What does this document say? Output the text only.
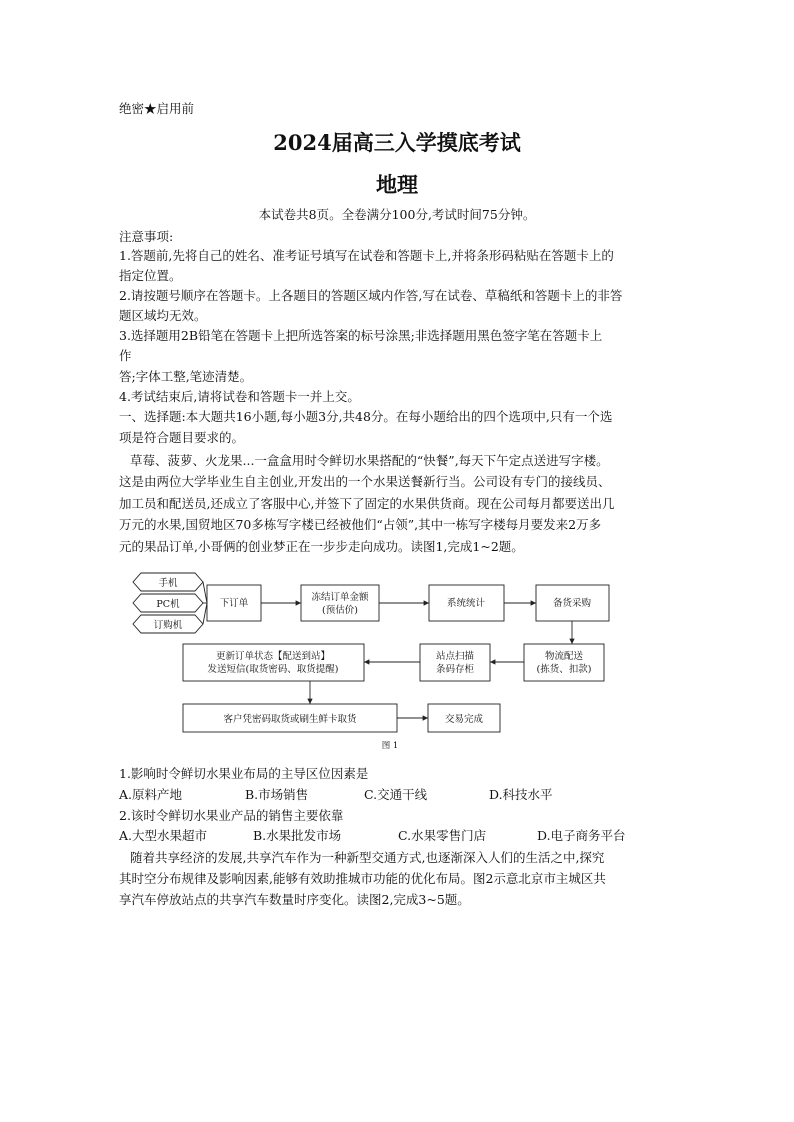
绝密★启用前
2024届高三入学摸底考试
地理
本试卷共8页。全卷满分100分,考试时间75分钟。
注意事项:
1.答题前,先将自己的姓名、准考证号填写在试卷和答题卡上,并将条形码粘贴在答题卡上的
指定位置。
2.请按题号顺序在答题卡。上各题目的答题区域内作答,写在试卷、草稿纸和答题卡上的非答
题区域均无效。
3.选择题用2B铅笔在答题卡上把所选答案的标号涂黑;非选择题用黑色签字笔在答题卡上
作
答;字体工整,笔迹清楚。
4.考试结束后,请将试卷和答题卡一并上交。
一、选择题:本大题共16小题,每小题3分,共48分。在每小题给出的四个选项中,只有一个选
项是符合题目要求的。
草莓、菠萝、火龙果...一盒盒用时令鲜切水果搭配的“快餐”,每天下午定点送进写字楼。
这是由两位大学毕业生自主创业,开发出的一个水果送餐新行当。公司设有专门的接线员、
加工员和配送员,还成立了客服中心,并签下了固定的水果供货商。现在公司每月都要送出几
万元的水果,国贸地区70多栋写字楼已经被他们“占领”,其中一栋写字楼每月要发来2万多
元的果品订单,小哥俩的创业梦正在一步步走向成功。读图1,完成1~2题。
手机
PC机
订购机
下订单
冻结订单金额
(预估价)
系统统计	备货采购
物流配送
(拣货、扣款)
站点扫描
条码存柜
更新订单状态【配送到站】
发送短信(取货密码、取货提醒)
客户凭密码取货或刷生鲜卡取货	交易完成
图 1
1.影响时令鲜切水果业布局的主导区位因素是
A.原料产地	B.市场销售	C.交通干线	D.科技水平
2.该时令鲜切水果业产品的销售主要依靠
A.大型水果超市	B.水果批发市场	C.水果零售门店	D.电子商务平台
随着共享经济的发展,共享汽车作为一种新型交通方式,也逐渐深入人们的生活之中,探究
其时空分布规律及影响因素,能够有效助推城市功能的优化布局。图2示意北京市主城区共
享汽车停放站点的共享汽车数量时序变化。读图2,完成3~5题。
